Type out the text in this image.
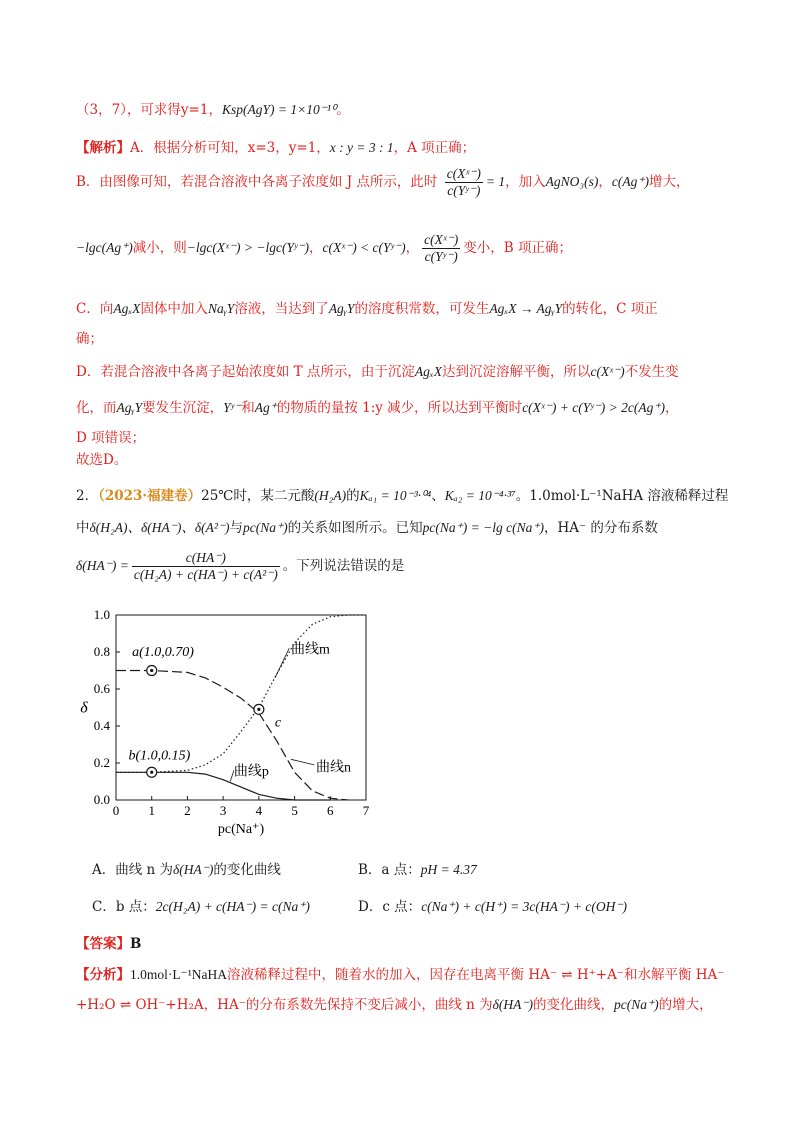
（3，7），可求得y=1，Ksp(AgY) = 1×10⁻¹⁰。
【解析】A．根据分析可知，x=3，y=1，x : y = 3 : 1，A 项正确；
B．由图像可知，若混合溶液中各离子浓度如 J 点所示，此时 $\frac{\text{c(Xˣ⁻)}}{\text{c(Yʸ⁻)}} = 1$，加入AgNO₃(s)，c(Ag⁺)增大，
−lgc(Ag⁺)减小，则−lgc(Xˣ⁻) > −lgc(Yʸ⁻)，c(Xˣ⁻) < c(Yʸ⁻)， $\frac{\text{c(Xˣ⁻)}}{\text{c(Yʸ⁻)}}$ 变小，B 项正确；
C．向AgₓX固体中加入NaᵧY溶液，当达到了AgᵧY的溶度积常数，可发生AgₓX → AgᵧY的转化，C 项正
确；
D．若混合溶液中各离子起始浓度如 T 点所示，由于沉淀AgₓX达到沉淀溶解平衡，所以c(Xˣ⁻)不发生变
化，而AgᵧY要发生沉淀，Yʸ⁻和Ag⁺的物质的量按 1:y 减少，所以达到平衡时c(Xˣ⁻) + c(Yʸ⁻) > 2c(Ag⁺)，
D 项错误；
故选D。
2．（2023·福建卷）25℃时，某二元酸(H₂A)的Kₐ₁ = 10⁻³·⁰⁴、Kₐ₂ = 10⁻⁴·³⁷。1.0mol·L⁻¹NaHA 溶液稀释过程
中δ(H₂A)、δ(HA⁻)、δ(A²⁻)与pc(Na⁺)的关系如图所示。已知pc(Na⁺) = −lg c(Na⁺)，HA⁻ 的分布系数
$\delta(HA^-) = \frac{c(HA^-)}{\text{c(H₂A) + c(HA⁻) + c(A²⁻)}}$ 。下列说法错误的是
0 1 2 3 4 5 6 7
0.0
0.2
0.4
0.6
0.8
1.0
pc(Na⁺)
δ
曲线m
曲线n
曲线p
a(1.0,0.70)
b(1.0,0.15)
c
A．曲线 n 为δ(HA⁻)的变化曲线	B．a 点：pH = 4.37
C．b 点：2c(H₂A) + c(HA⁻) = c(Na⁺)	D．c 点：c(Na⁺) + c(H⁺) = 3c(HA⁻) + c(OH⁻)
【答案】B
【分析】1.0mol·L⁻¹NaHA溶液稀释过程中，随着水的加入，因存在电离平衡 HA⁻ ⇌ H⁺+A⁻和水解平衡 HA⁻
+H₂O ⇌ OH⁻+H₂A，HA⁻的分布系数先保持不变后减小，曲线 n 为δ(HA⁻)的变化曲线，pc(Na⁺)的增大，
